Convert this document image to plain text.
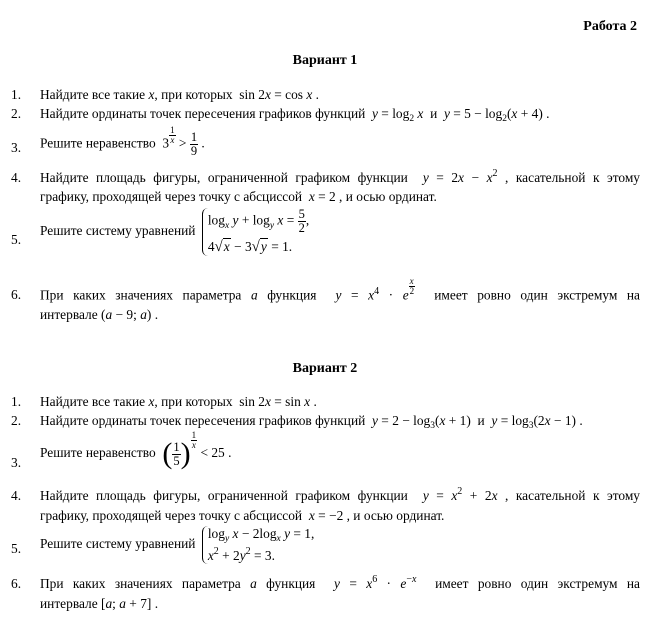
Работа 2
Вариант 1
1. Найдите все такие x, при которых  sin 2x = cos x .
2. Найдите ординаты точек пересечения графиков функций  $y = \log_2 x$  и  $y = 5 - \log_2(x + 4)$ .
3. Решите неравенство  $3 \frac{1}{x} > \frac{1}{9}$ .
4. Найдите площадь фигуры, ограниченной графиком функции  $y = 2x - x^2$ , касательной к этому
графику, проходящей через точку с абсциссой  x = 2 , и осью ординат.
5.
Решите систему уравнений
$\log_x y + \log_y x = \frac{5}{2}$ ,
4√x − 3√y = 1.
6. При каких значениях параметра a функция  $y = x^4 \cdot e \frac{x}{2}$ имеет ровно один экстремум на
интервале (a − 9; a) .
Вариант 2
1. Найдите все такие x, при которых  sin 2x = sin x .
2. Найдите ординаты точек пересечения графиков функций  $y = 2 - \log_3(x + 1)$  и  $y = \log_3(2x - 1)$ .
3.
Решите неравенство  ( $\frac{1}{5}$ ) $\frac{1}{x}$
< 25 .
4. Найдите площадь фигуры, ограниченной графиком функции  $y = x^2 + 2x$ , касательной к этому
графику, проходящей через точку с абсциссой  x = −2 , и осью ординат.
5. Решите систему уравнений
$\log_y x - 2\log_x$ y = 1,
$x^2 + 2y^2 = 3$.
6. При каких значениях параметра a функция  $y = x^6 \cdot e^{-x}$  имеет ровно один экстремум на
интервале [a; a + 7] .
